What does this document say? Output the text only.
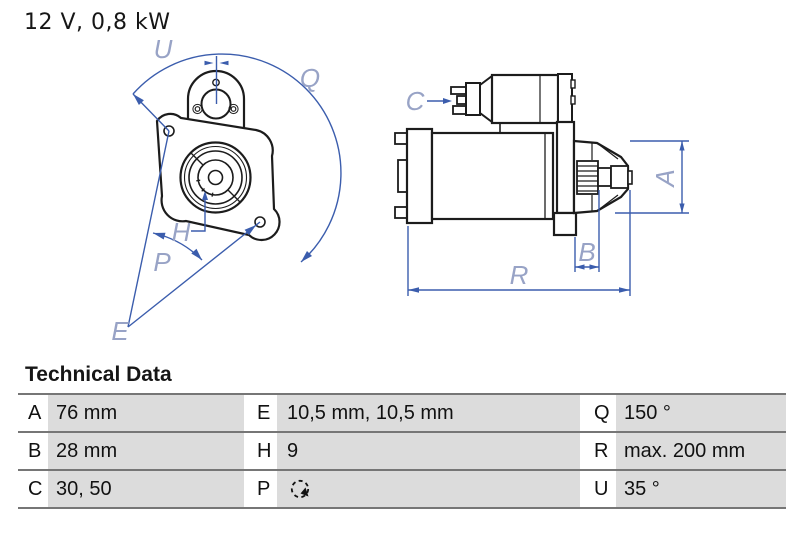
12 V, 0,8 kW
U
Q
H
P
E
C
A
B
R
Technical Data
A 76 mm	E 10,5 mm, 10,5 mm	Q 150 °
B 28 mm	H 9	R max. 200 mm
C 30, 50	P	U 35 °
